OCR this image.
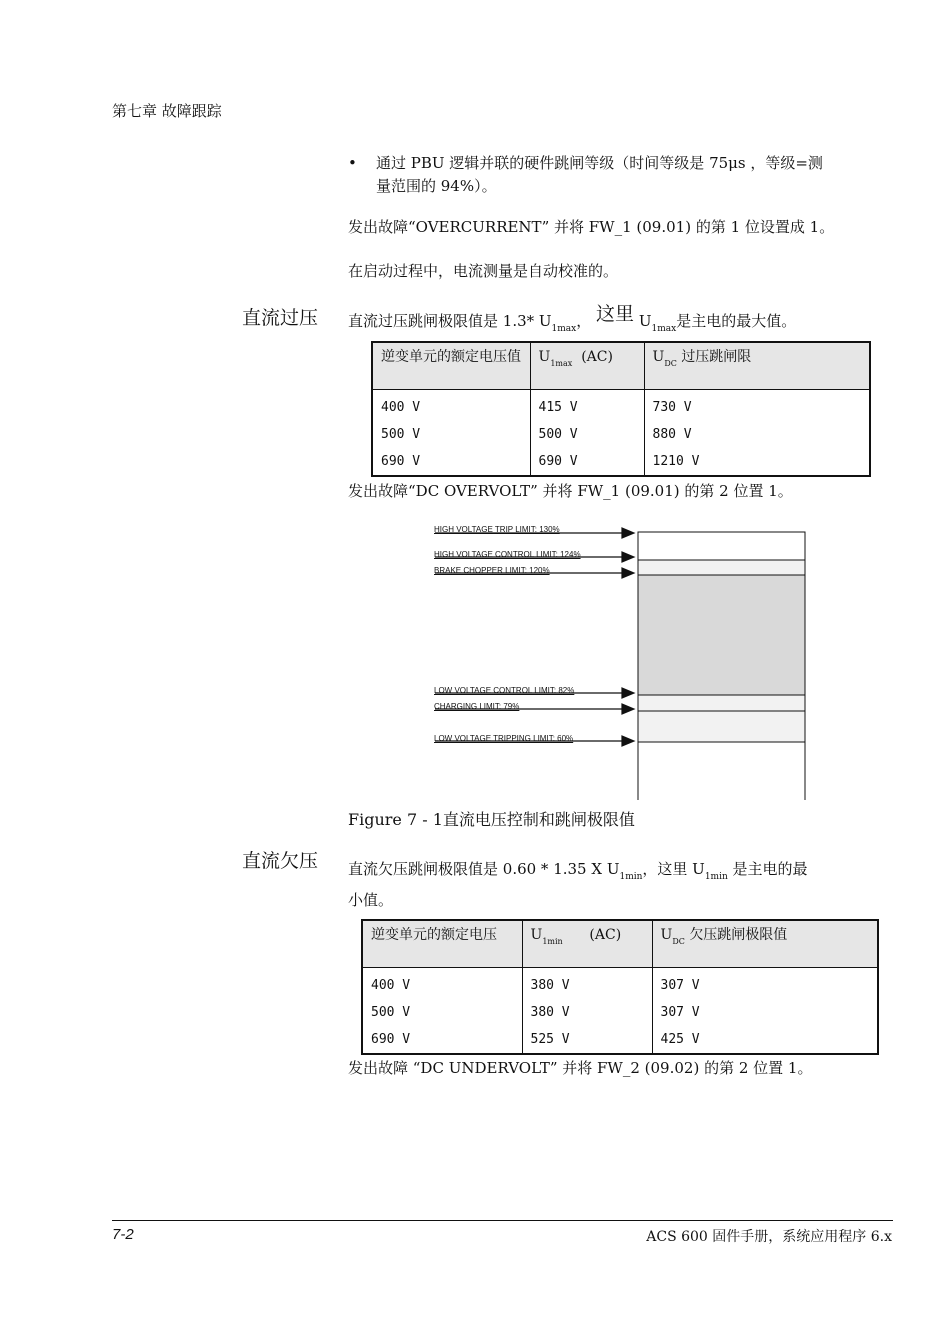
第七章 故障跟踪
•	通过 PBU 逻辑并联的硬件跳闸等级（时间等级是 75μs ，等级=测
量范围的 94%）。
发出故障“OVERCURRENT” 并将 FW_1 (09.01) 的第 1 位设置成 1。
在启动过程中，电流测量是自动校准的。
直流过压 直流过压跳闸极限值是 1.3* $U_{1max}$， 这里 $U_{1max}$是主电的最大值。
逆变单元的额定电压值	$U_{1max}$ (AC)	$U_{DC}$ 过压跳闸限
400 V	415 V	730 V
500 V	500 V	880 V
690 V	690 V	1210 V
发出故障“DC OVERVOLT” 并将 FW_1 (09.01) 的第 2 位置 1。
HIGH VOLTAGE TRIP LIMIT: 130%
HIGH VOLTAGE CONTROL LIMIT: 124%
BRAKE CHOPPER LIMIT: 120%
LOW VOLTAGE CONTROL LIMIT: 82%
CHARGING LIMIT: 79%
LOW VOLTAGE TRIPPING LIMIT: 60%
Figure 7 - 1直流电压控制和跳闸极限值
直流欠压 直流欠压跳闸极限值是 0.60 * 1.35 X $U_{1min}$，这里 $U_{1min}$ 是主电的最
小值。
逆变单元的额定电压	$U_{1min}$ (AC)	$U_{DC}$ 欠压跳闸极限值
400 V	380 V	307 V
500 V	380 V	307 V
690 V	525 V	425 V
发出故障 “DC UNDERVOLT” 并将 FW_2 (09.02) 的第 2 位置 1。
7-2	ACS 600 固件手册，系统应用程序 6.x
